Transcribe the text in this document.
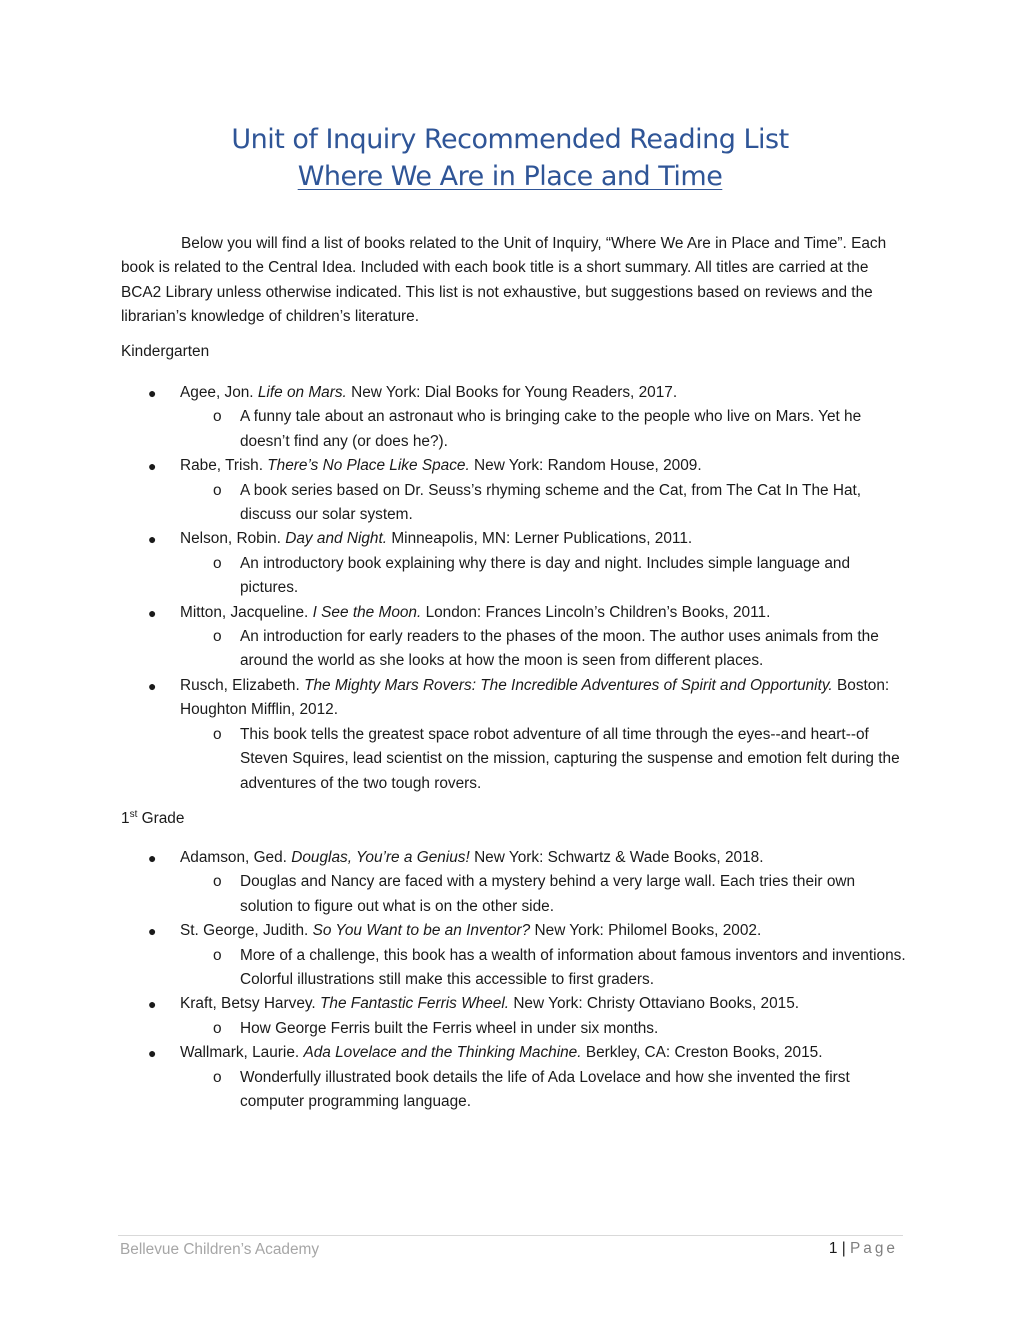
Unit of Inquiry Recommended Reading List
Where We Are in Place and Time

Below you will find a list of books related to the Unit of Inquiry, “Where We Are in Place and Time”. Each book is related to the Central Idea. Included with each book title is a short summary. All titles are carried at the BCA2 Library unless otherwise indicated. This list is not exhaustive, but suggestions based on reviews and the librarian’s knowledge of children’s literature.

Kindergarten

● Agee, Jon. Life on Mars. New York: Dial Books for Young Readers, 2017.
o A funny tale about an astronaut who is bringing cake to the people who live on Mars. Yet he doesn’t find any (or does he?).
● Rabe, Trish. There’s No Place Like Space. New York: Random House, 2009.
o A book series based on Dr. Seuss’s rhyming scheme and the Cat, from The Cat In The Hat, discuss our solar system.
● Nelson, Robin. Day and Night. Minneapolis, MN: Lerner Publications, 2011.
o An introductory book explaining why there is day and night. Includes simple language and pictures.
● Mitton, Jacqueline. I See the Moon. London: Frances Lincoln’s Children’s Books, 2011.
o An introduction for early readers to the phases of the moon. The author uses animals from the around the world as she looks at how the moon is seen from different places.
● Rusch, Elizabeth. The Mighty Mars Rovers: The Incredible Adventures of Spirit and Opportunity. Boston: Houghton Mifflin, 2012.
o This book tells the greatest space robot adventure of all time through the eyes--and heart--of Steven Squires, lead scientist on the mission, capturing the suspense and emotion felt during the adventures of the two tough rovers.

1st Grade

● Adamson, Ged. Douglas, You’re a Genius! New York: Schwartz & Wade Books, 2018.
o Douglas and Nancy are faced with a mystery behind a very large wall. Each tries their own solution to figure out what is on the other side.
● St. George, Judith. So You Want to be an Inventor? New York: Philomel Books, 2002.
o More of a challenge, this book has a wealth of information about famous inventors and inventions. Colorful illustrations still make this accessible to first graders.
● Kraft, Betsy Harvey. The Fantastic Ferris Wheel. New York: Christy Ottaviano Books, 2015.
o How George Ferris built the Ferris wheel in under six months.
● Wallmark, Laurie. Ada Lovelace and the Thinking Machine. Berkley, CA: Creston Books, 2015.
o Wonderfully illustrated book details the life of Ada Lovelace and how she invented the first computer programming language.
Bellevue Children’s Academy	1 | Page
